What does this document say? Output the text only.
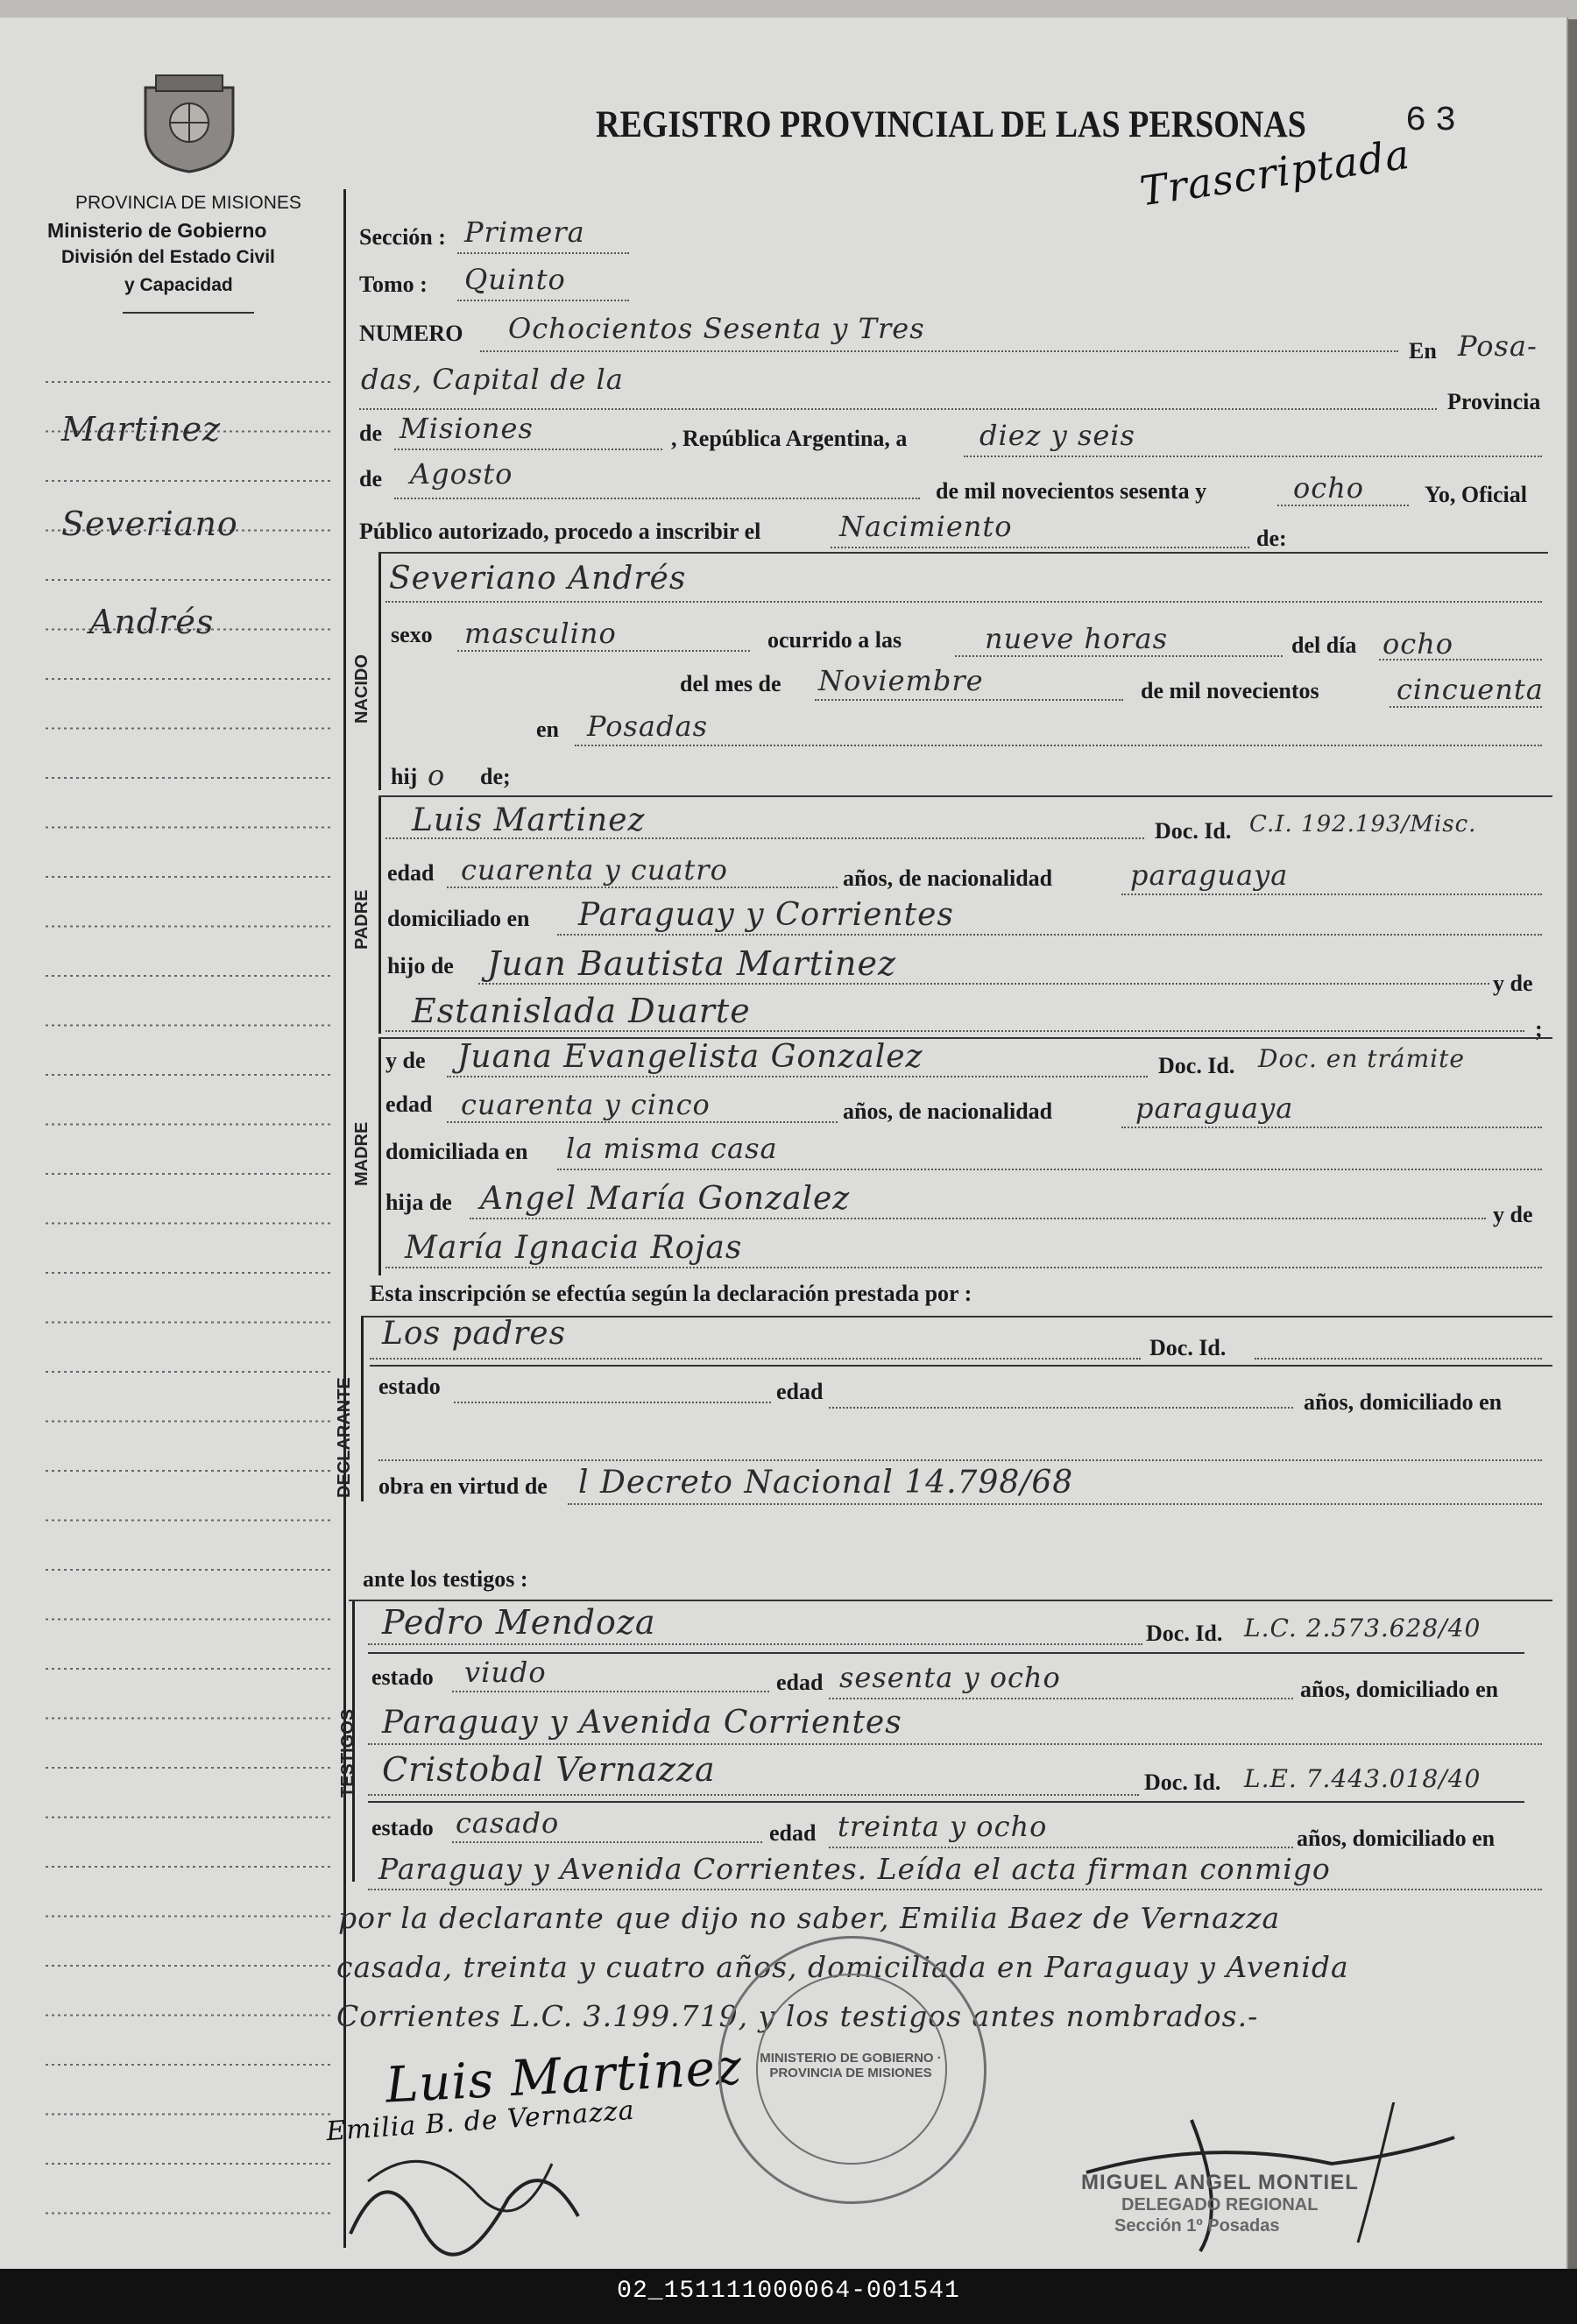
PROVINCIA DE MISIONES
Ministerio de Gobierno
División del Estado Civil
y Capacidad
REGISTRO PROVINCIAL DE LAS PERSONAS	63
Trascriptada
Martinez
Severiano
Andrés
Sección : Primera
Tomo : Quinto
NUMERO Ochocientos Sesenta y Tres
En Posa-
das, Capital de la
Provincia
de Misiones	, República Argentina, a	diez y seis
de Agosto
de mil novecientos sesenta y	ocho	Yo, Oficial
Público autorizado, procedo a inscribir el	Nacimiento	de:
NACIDO
Severiano Andrés
sexo masculino	ocurrido a las	nueve horas	del día ocho
del mes de Noviembre	de mil novecientos	cincuenta
en Posadas
hij o de;
PADRE
Luis Martinez	Doc. Id. C.I. 192.193/Misc.
edad cuarenta y cuatro	años, de nacionalidad	paraguaya
domiciliado en Paraguay y Corrientes
hijo de Juan Bautista Martinez
y de
Estanislada Duarte	;
MADRE
y de Juana Evangelista Gonzalez	Doc. Id. Doc. en trámite
edad cuarenta y cinco	años, de nacionalidad	paraguaya
domiciliada en la misma casa
hija de Angel María Gonzalez	y de
María Ignacia Rojas
Esta inscripción se efectúa según la declaración prestada por :
DECLARANTE
Los padres	Doc. Id.
estado	edad	años, domiciliado en
obra en virtud de l Decreto Nacional 14.798/68
ante los testigos :
TESTIGOS
Pedro Mendoza	Doc. Id. L.C. 2.573.628/40
estado viudo	edad sesenta y ocho	años, domiciliado en
Paraguay y Avenida Corrientes
Cristobal Vernazza	Doc. Id. L.E. 7.443.018/40
estado casado	edad treinta y ocho	años, domiciliado en
Paraguay y Avenida Corrientes. Leída el acta firman conmigo
por la declarante que dijo no saber, Emilia Baez de Vernazza
casada, treinta y cuatro años, domiciliada en Paraguay y Avenida
Corrientes L.C. 3.199.719, y los testigos antes nombrados.-
Luis Martinez
Emilia B. de Vernazza
MIGUEL ANGEL MONTIEL
DELEGADO REGIONAL
Sección 1º Posadas
MINISTERIO DE GOBIERNO · PROVINCIA DE MISIONES
02_151111000064-001541
